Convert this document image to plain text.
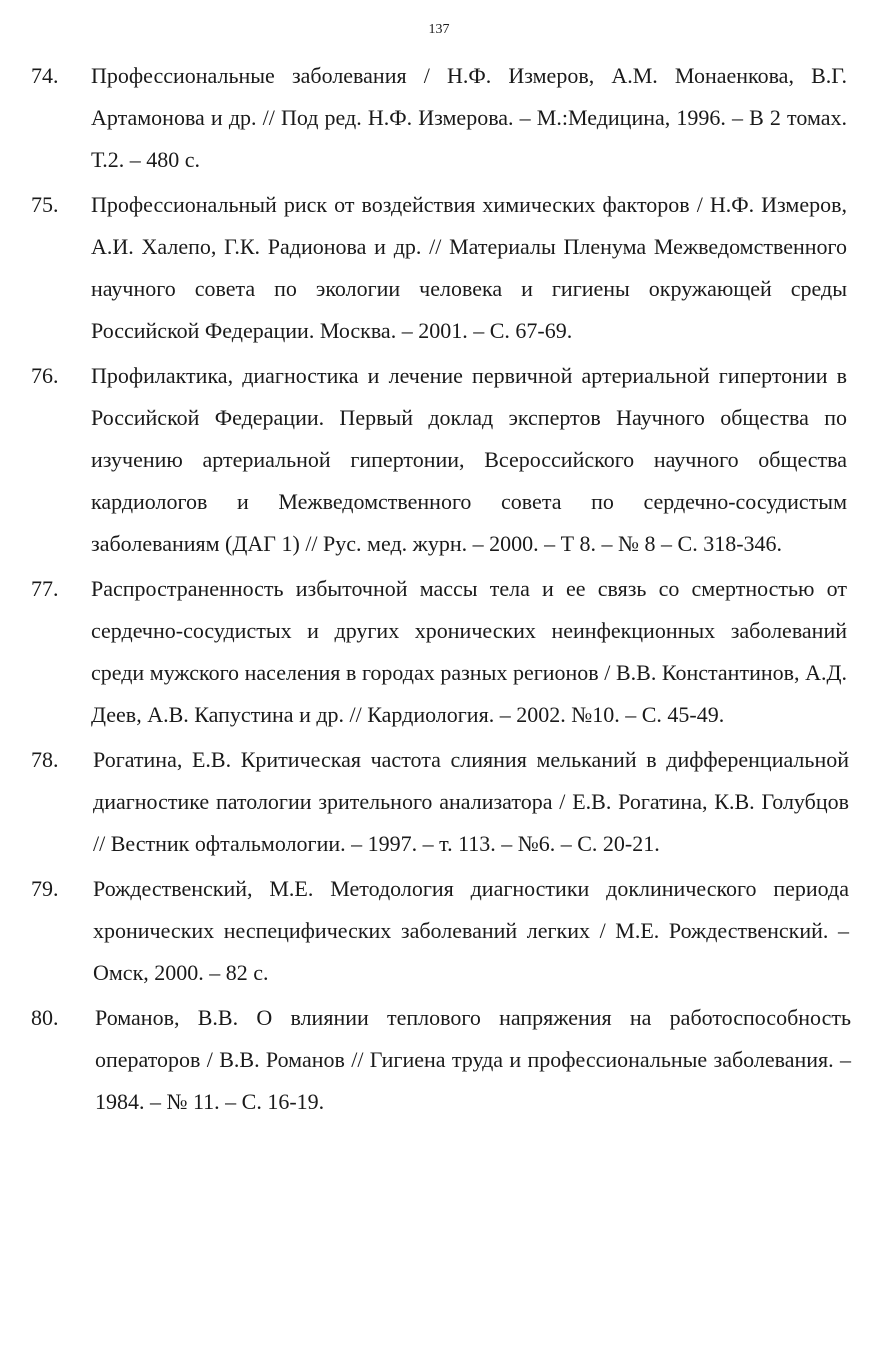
137
74. Профессиональные заболевания / Н.Ф. Измеров, А.М. Монаенкова, В.Г. Артамонова и др. // Под ред. Н.Ф. Измерова. – М.:Медицина, 1996. – В 2 томах. Т.2. – 480 с.
75. Профессиональный риск от воздействия химических факторов / Н.Ф. Измеров, А.И. Халепо, Г.К. Радионова и др. // Материалы Пленума Межведомственного научного совета по экологии человека и гигиены окружающей среды Российской Федерации. Москва. – 2001. – С. 67-69.
76. Профилактика, диагностика и лечение первичной артериальной гипертонии в Российской Федерации. Первый доклад экспертов Научного общества по изучению артериальной гипертонии, Всероссийского научного общества кардиологов и Межведомственного совета по сердечно-сосудистым заболеваниям (ДАГ 1) // Рус. мед. журн. – 2000. – Т 8. – № 8 – С. 318-346.
77. Распространенность избыточной массы тела и ее связь со смертностью от сердечно-сосудистых и других хронических неинфекционных заболеваний среди мужского населения в городах разных регионов / В.В. Константинов, А.Д. Деев, А.В. Капустина и др. // Кардиология. – 2002. №10. – С. 45-49.
78. Рогатина, Е.В. Критическая частота слияния мельканий в дифференциальной диагностике патологии зрительного анализатора / Е.В. Рогатина, К.В. Голубцов // Вестник офтальмологии. – 1997. – т. 113. – №6. – С. 20-21.
79. Рождественский, М.Е. Методология диагностики доклинического периода хронических неспецифических заболеваний легких / М.Е. Рождественский. – Омск, 2000. – 82 с.
80. Романов, В.В. О влиянии теплового напряжения на работоспособность операторов / В.В. Романов // Гигиена труда и профессиональные заболевания. – 1984. – № 11. – С. 16-19.
